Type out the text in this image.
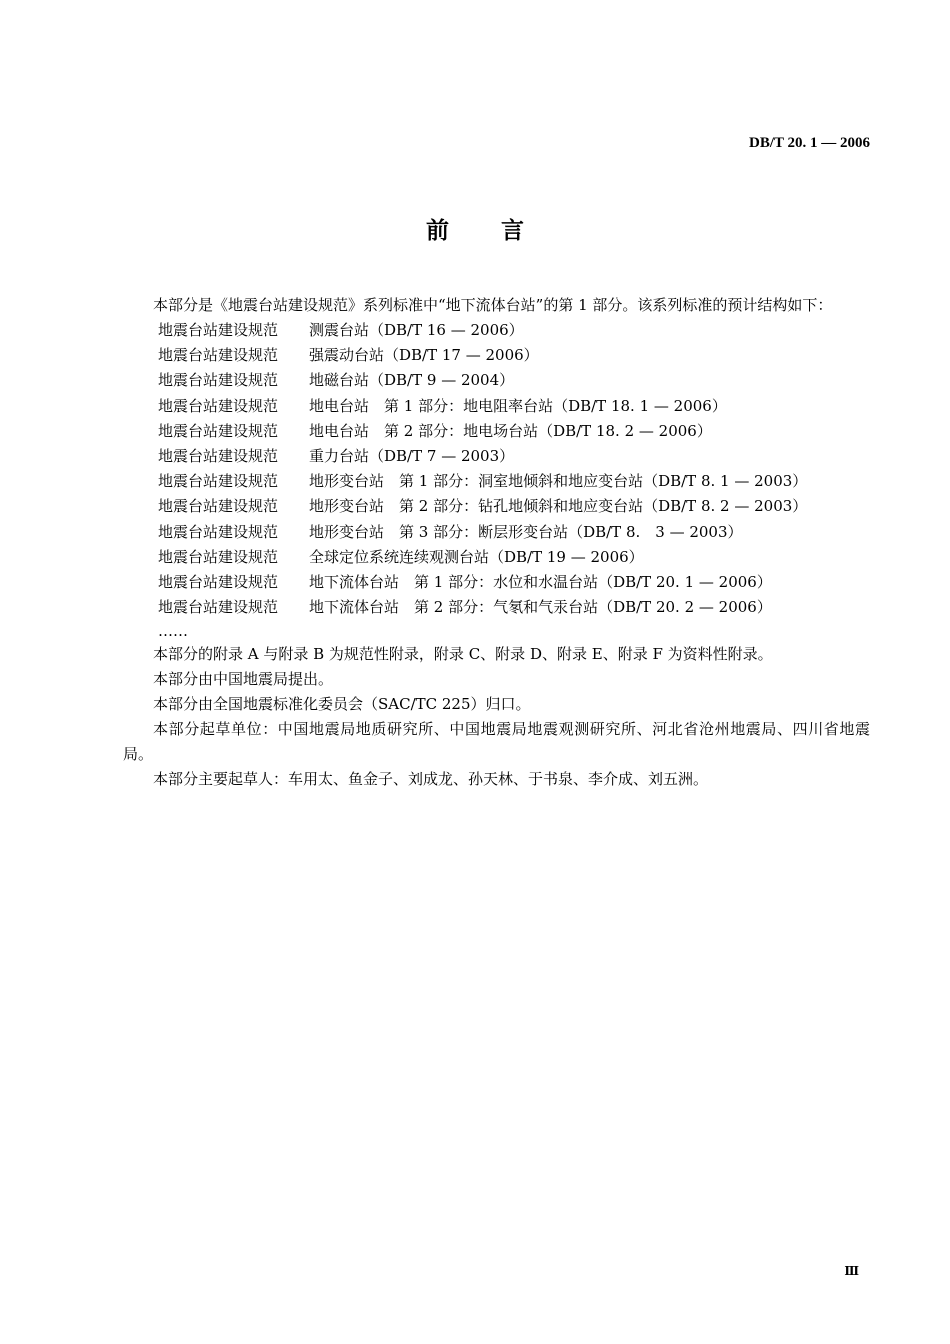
DB/T 20. 1 — 2006
前言

本部分是《地震台站建设规范》系列标准中“地下流体台站”的第 1 部分。该系列标准的预计结构如下：

地震台站建设规范 测震台站（DB/T 16 — 2006）
地震台站建设规范 强震动台站（DB/T 17 — 2006）
地震台站建设规范 地磁台站（DB/T 9 — 2004）
地震台站建设规范 地电台站　第 1 部分：地电阻率台站（DB/T 18. 1 — 2006）
地震台站建设规范 地电台站　第 2 部分：地电场台站（DB/T 18. 2 — 2006）
地震台站建设规范 重力台站（DB/T 7 — 2003）
地震台站建设规范 地形变台站　第 1 部分：洞室地倾斜和地应变台站（DB/T 8. 1 — 2003）
地震台站建设规范 地形变台站　第 2 部分：钻孔地倾斜和地应变台站（DB/T 8. 2 — 2003）
地震台站建设规范 地形变台站　第 3 部分：断层形变台站（DB/T 8.　3 — 2003）
地震台站建设规范 全球定位系统连续观测台站（DB/T 19 — 2006）
地震台站建设规范 地下流体台站　第 1 部分：水位和水温台站（DB/T 20. 1 — 2006）
地震台站建设规范 地下流体台站　第 2 部分：气氡和气汞台站（DB/T 20. 2 — 2006）
……

本部分的附录 A 与附录 B 为规范性附录，附录 C、附录 D、附录 E、附录 F 为资料性附录。

本部分由中国地震局提出。

本部分由全国地震标准化委员会（SAC/TC 225）归口。

本部分起草单位：中国地震局地质研究所、中国地震局地震观测研究所、河北省沧州地震局、四川省地震局。

本部分主要起草人：车用太、鱼金子、刘成龙、孙天林、于书泉、李介成、刘五洲。

Ⅲ
